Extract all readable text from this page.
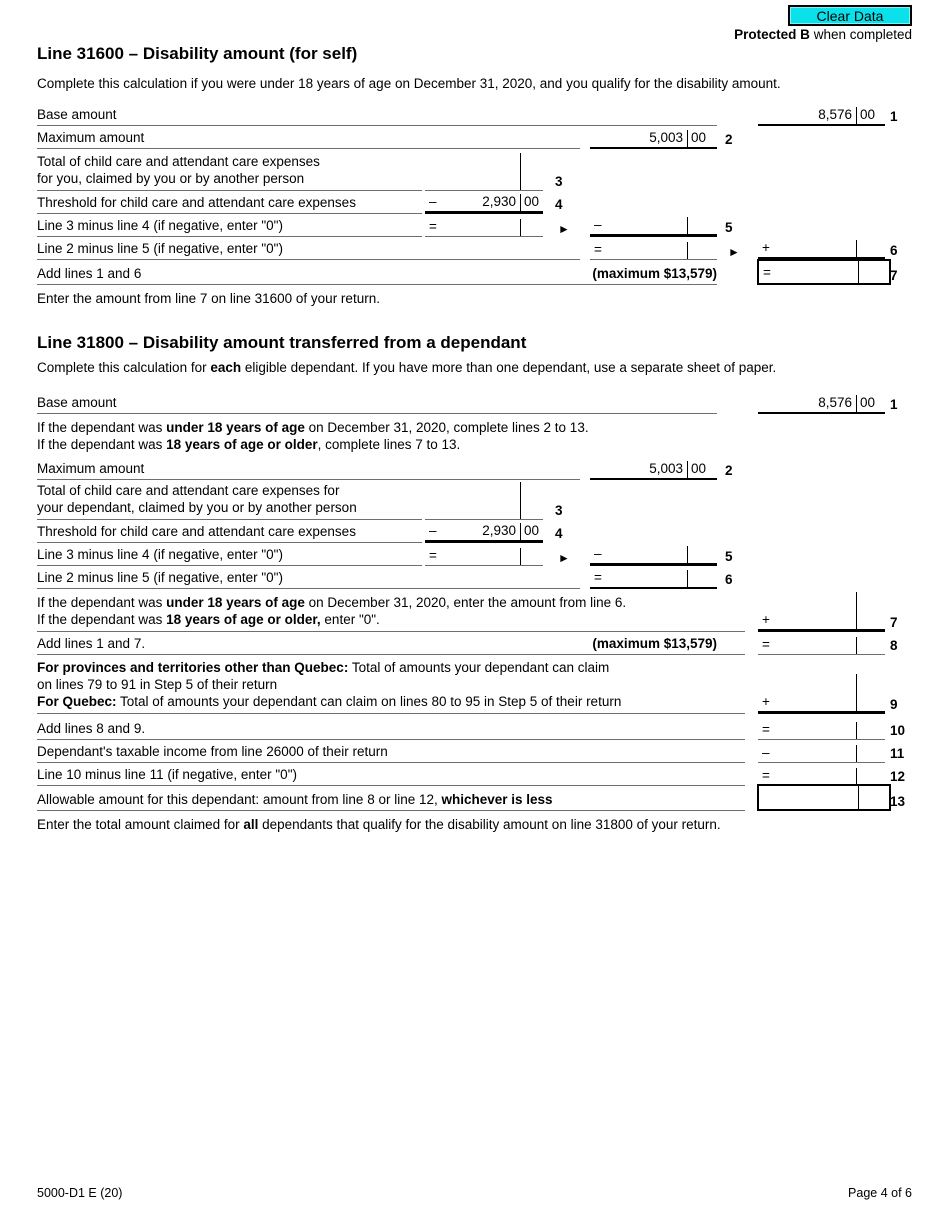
Clear Data
Protected B when completed
Line 31600 – Disability amount (for self)
Complete this calculation if you were under 18 years of age on December 31, 2020, and you qualify for the disability amount.
Base amount	8,576 00 1
Maximum amount	5,003 00 2
Total of child care and attendant care expenses
for you, claimed by you or by another person	3
Threshold for child care and attendant care expenses	–	2,930 00 4
Line 3 minus line 4 (if negative, enter "0")	=	► –	5
Line 2 minus line 5 (if negative, enter "0")	=	► +	6
Add lines 1 and 6	(maximum $13,579)	=	7
Enter the amount from line 7 on line 31600 of your return.
Line 31800 – Disability amount transferred from a dependant
Complete this calculation for each eligible dependant. If you have more than one dependant, use a separate sheet of paper.
Base amount	8,576 00 1
If the dependant was under 18 years of age on December 31, 2020, complete lines 2 to 13.
If the dependant was 18 years of age or older, complete lines 7 to 13.
Maximum amount	5,003 00 2
Total of child care and attendant care expenses for
your dependant, claimed by you or by another person	3
Threshold for child care and attendant care expenses	–	2,930 00 4
Line 3 minus line 4 (if negative, enter "0")	=	► –	5
Line 2 minus line 5 (if negative, enter "0")	=	6
If the dependant was under 18 years of age on December 31, 2020, enter the amount from line 6.
If the dependant was 18 years of age or older, enter "0".	+	7
Add lines 1 and 7.	(maximum $13,579)	=	8
For provinces and territories other than Quebec: Total of amounts your dependant can claim
on lines 79 to 91 in Step 5 of their return
For Quebec: Total of amounts your dependant can claim on lines 80 to 95 in Step 5 of their return	+	9
Add lines 8 and 9.	=	10
Dependant's taxable income from line 26000 of their return	–	11
Line 10 minus line 11 (if negative, enter "0")	=	12
Allowable amount for this dependant: amount from line 8 or line 12, whichever is less	13
Enter the total amount claimed for all dependants that qualify for the disability amount on line 31800 of your return.
5000-D1 E (20)	Page 4 of 6
